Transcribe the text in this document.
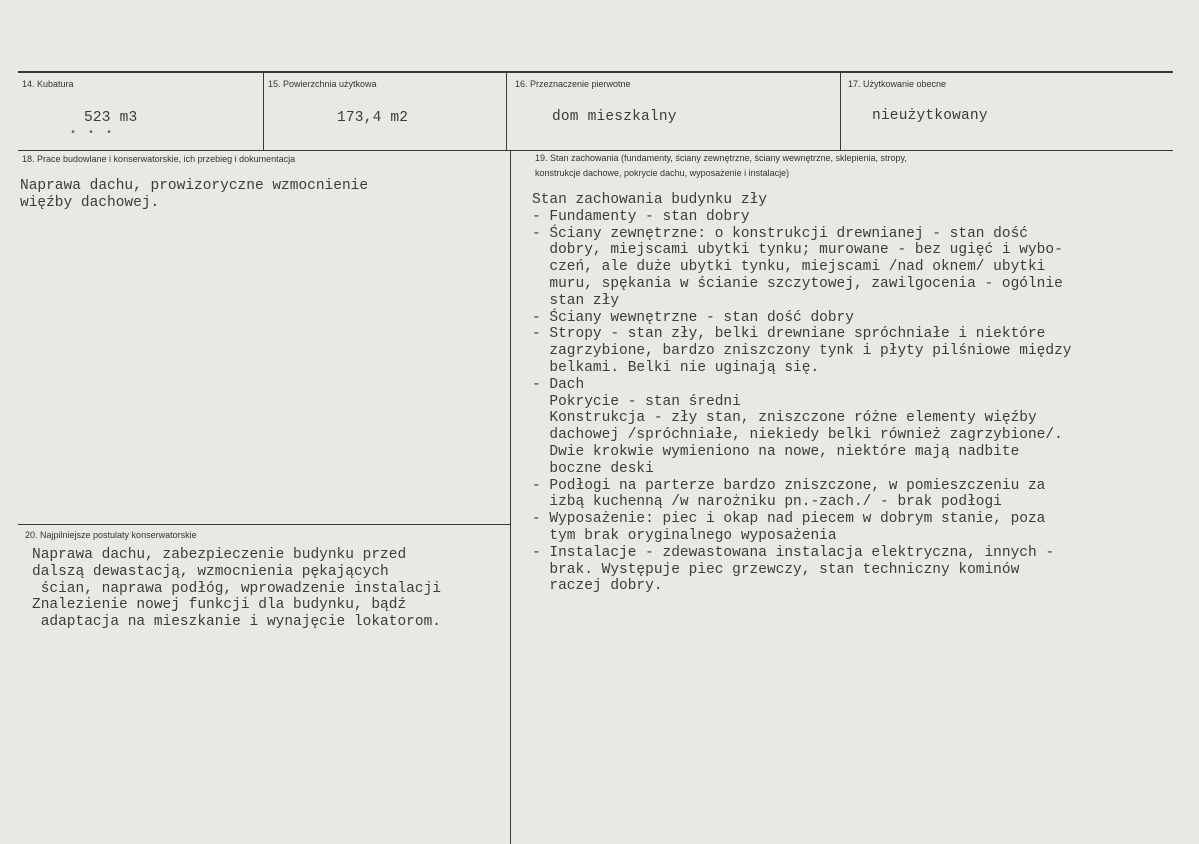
14. Kubatura
523 m3
• • •
15. Powierzchnia użytkowa
173,4 m2
16. Przeznaczenie pierwotne
dom mieszkalny
17. Użytkowanie obecne
nieużytkowany
18. Prace budowlane i konserwatorskie, ich przebieg i dokumentacja
Naprawa dachu, prowizoryczne wzmocnienie
więźby dachowej.
19. Stan zachowania (fundamenty, ściany zewnętrzne, ściany wewnętrzne, sklepienia, stropy,
konstrukcje dachowe, pokrycie dachu, wyposażenie i instalacje)
Stan zachowania budynku zły
- Fundamenty - stan dobry
- Ściany zewnętrzne: o konstrukcji drewnianej - stan dość
dobry, miejscami ubytki tynku; murowane - bez ugięć i wybo-
czeń, ale duże ubytki tynku, miejscami /nad oknem/ ubytki
muru, spękania w ścianie szczytowej, zawilgocenia - ogólnie
stan zły
- Ściany wewnętrzne - stan dość dobry
- Stropy - stan zły, belki drewniane spróchniałe i niektóre
zagrzybione, bardzo zniszczony tynk i płyty pilśniowe między
belkami. Belki nie uginają się.
- Dach
Pokrycie - stan średni
Konstrukcja - zły stan, zniszczone różne elementy więźby
dachowej /spróchniałe, niekiedy belki również zagrzybione/.
Dwie krokwie wymieniono na nowe, niektóre mają nadbite
boczne deski
- Podłogi na parterze bardzo zniszczone, w pomieszczeniu za
izbą kuchenną /w narożniku pn.-zach./ - brak podłogi
- Wyposażenie: piec i okap nad piecem w dobrym stanie, poza
tym brak oryginalnego wyposażenia
- Instalacje - zdewastowana instalacja elektryczna, innych -
brak. Występuje piec grzewczy, stan techniczny kominów
raczej dobry.
20. Najpilniejsze postulaty konserwatorskie
Naprawa dachu, zabezpieczenie budynku przed
dalszą dewastacją, wzmocnienia pękających
ścian, naprawa podłóg, wprowadzenie instalacji
Znalezienie nowej funkcji dla budynku, bądź
adaptacja na mieszkanie i wynajęcie lokatorom.
